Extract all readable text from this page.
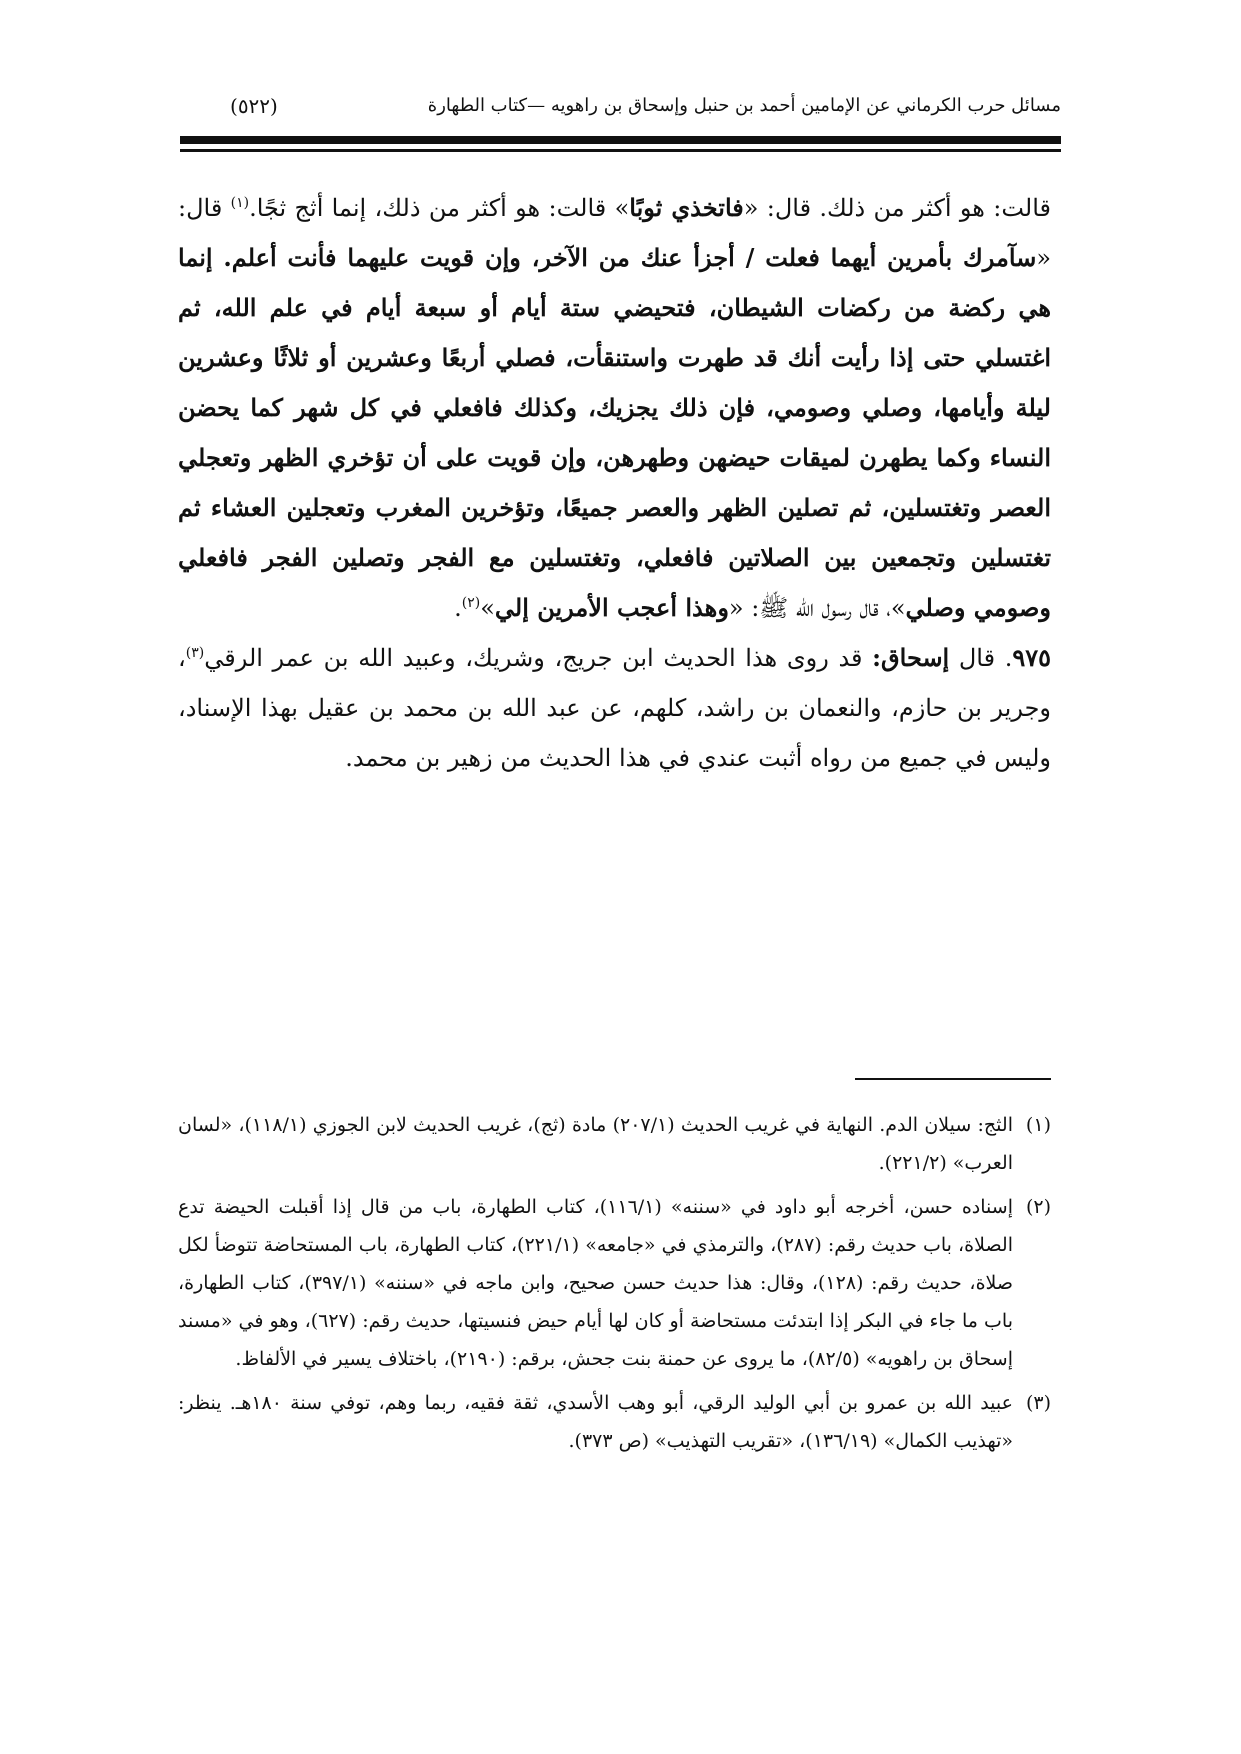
مسائل حرب الكرماني عن الإمامين أحمد بن حنبل وإسحاق بن راهويه —كتاب الطهارة
(٥٢٢)

قالت: هو أكثر من ذلك. قال: «فاتخذي ثوبًا» قالت: هو أكثر من ذلك، إنما أثج ثجًا.$^{(١)}$ قال: «سآمرك بأمرين أيهما فعلت / أجزأ عنك من الآخر، وإن قويت عليهما فأنت أعلم. إنما هي ركضة من ركضات الشيطان، فتحيضي ستة أيام أو سبعة أيام في علم الله، ثم اغتسلي حتى إذا رأيت أنك قد طهرت واستنقأت، فصلي أربعًا وعشرين أو ثلاثًا وعشرين ليلة وأيامها، وصلي وصومي، فإن ذلك يجزيك، وكذلك فافعلي في كل شهر كما يحضن النساء وكما يطهرن لميقات حيضهن وطهرهن، وإن قويت على أن تؤخري الظهر وتعجلي العصر وتغتسلين، ثم تصلين الظهر والعصر جميعًا، وتؤخرين المغرب وتعجلين العشاء ثم تغتسلين وتجمعين بين الصلاتين فافعلي، وتغتسلين مع الفجر وتصلين الفجر فافعلي وصومي وصلي»، قال رسول الله ﷺ: «وهذا أعجب الأمرين إلي»$^{(٢)}$.

٩٧٥. قال إسحاق: قد روى هذا الحديث ابن جريج، وشريك، وعبيد الله بن عمر الرقي$^{(٣)}$، وجرير بن حازم، والنعمان بن راشد، كلهم، عن عبد الله بن محمد بن عقيل بهذا الإسناد، وليس في جميع من رواه أثبت عندي في هذا الحديث من زهير بن محمد.

(١)الثج: سيلان الدم. النهاية في غريب الحديث (٢٠٧/١) مادة (ثج)، غريب الحديث لابن الجوزي (١١٨/١)، «لسان العرب» (٢٢١/٢).

(٢)إسناده حسن، أخرجه أبو داود في «سننه» (١١٦/١)، كتاب الطهارة، باب من قال إذا أقبلت الحيضة تدع الصلاة، باب حديث رقم: (٢٨٧)، والترمذي في «جامعه» (٢٢١/١)، كتاب الطهارة، باب المستحاضة تتوضأ لكل صلاة، حديث رقم: (١٢٨)، وقال: هذا حديث حسن صحيح، وابن ماجه في «سننه» (٣٩٧/١)، كتاب الطهارة، باب ما جاء في البكر إذا ابتدئت مستحاضة أو كان لها أيام حيض فنسيتها، حديث رقم: (٦٢٧)، وهو في «مسند إسحاق بن راهويه» (٨٢/٥)، ما يروى عن حمنة بنت جحش، برقم: (٢١٩٠)، باختلاف يسير في الألفاظ.

(٣)عبيد الله بن عمرو بن أبي الوليد الرقي، أبو وهب الأسدي، ثقة فقيه، ربما وهم، توفي سنة ١٨٠هـ. ينظر: «تهذيب الكمال» (١٣٦/١٩)، «تقريب التهذيب» (ص ٣٧٣).
